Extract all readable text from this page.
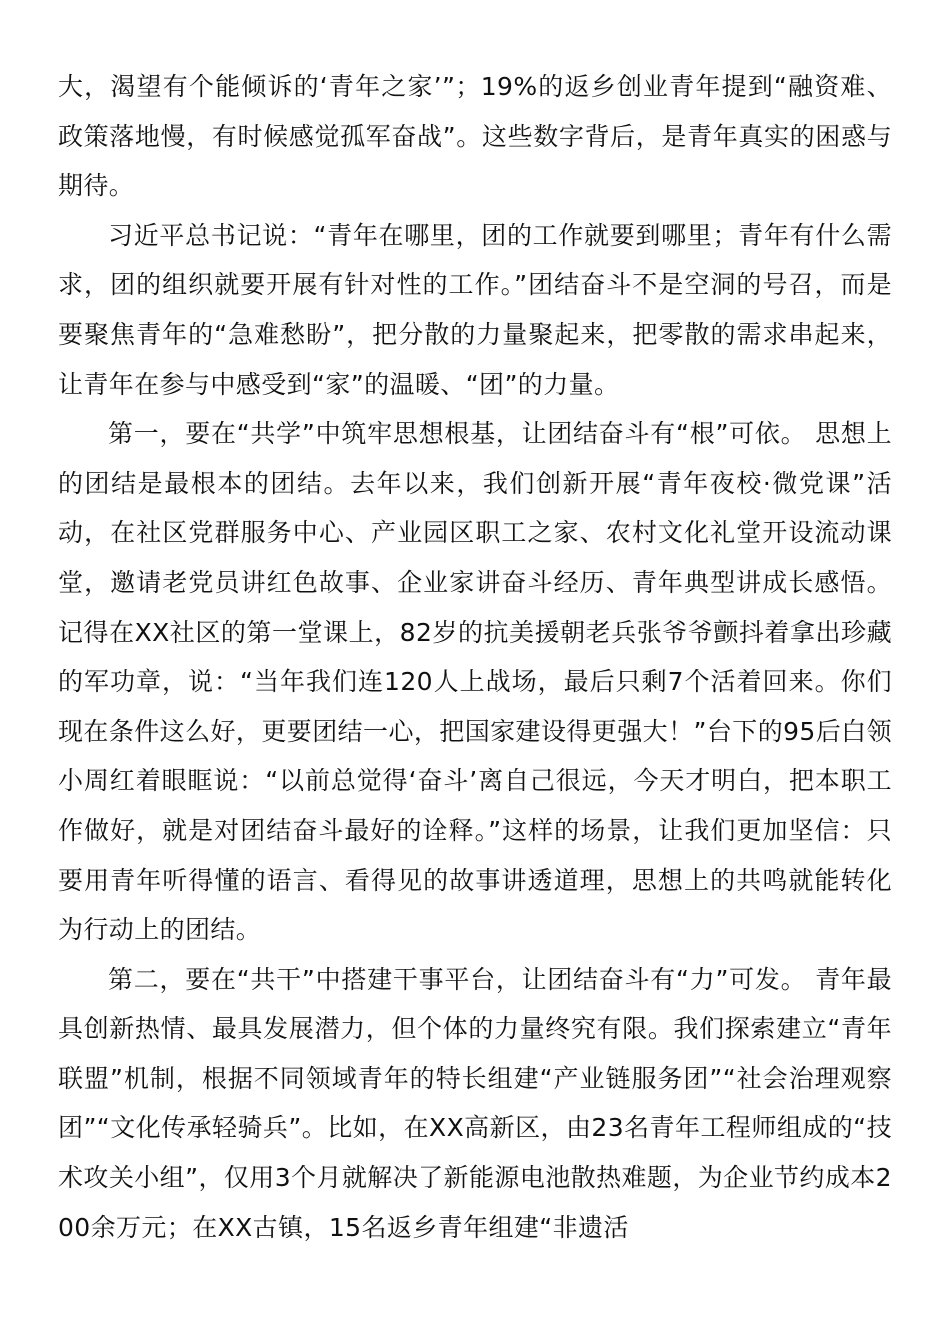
大，渴望有个能倾诉的‘青年之家’”；19%的返乡创业青年提到“融资难、政策落地慢，有时候感觉孤军奋战”。这些数字背后，是青年真实的困惑与期待。

习近平总书记说：“青年在哪里，团的工作就要到哪里；青年有什么需求，团的组织就要开展有针对性的工作。”团结奋斗不是空洞的号召，而是要聚焦青年的“急难愁盼”，把分散的力量聚起来，把零散的需求串起来，让青年在参与中感受到“家”的温暖、“团”的力量。

第一，要在“共学”中筑牢思想根基，让团结奋斗有“根”可依。 思想上的团结是最根本的团结。去年以来，我们创新开展“青年夜校·微党课”活动，在社区党群服务中心、产业园区职工之家、农村文化礼堂开设流动课堂，邀请老党员讲红色故事、企业家讲奋斗经历、青年典型讲成长感悟。记得在XX社区的第一堂课上，82岁的抗美援朝老兵张爷爷颤抖着拿出珍藏的军功章，说：“当年我们连120人上战场，最后只剩7个活着回来。你们现在条件这么好，更要团结一心，把国家建设得更强大！”台下的95后白领小周红着眼眶说：“以前总觉得‘奋斗’离自己很远，今天才明白，把本职工作做好，就是对团结奋斗最好的诠释。”这样的场景，让我们更加坚信：只要用青年听得懂的语言、看得见的故事讲透道理，思想上的共鸣就能转化为行动上的团结。

第二，要在“共干”中搭建干事平台，让团结奋斗有“力”可发。 青年最具创新热情、最具发展潜力，但个体的力量终究有限。我们探索建立“青年联盟”机制，根据不同领域青年的特长组建“产业链服务团”“社会治理观察团”“文化传承轻骑兵”。比如，在XX高新区，由23名青年工程师组成的“技术攻关小组”，仅用3个月就解决了新能源电池散热难题，为企业节约成本200余万元；在XX古镇，15名返乡青年组建“非遗活
